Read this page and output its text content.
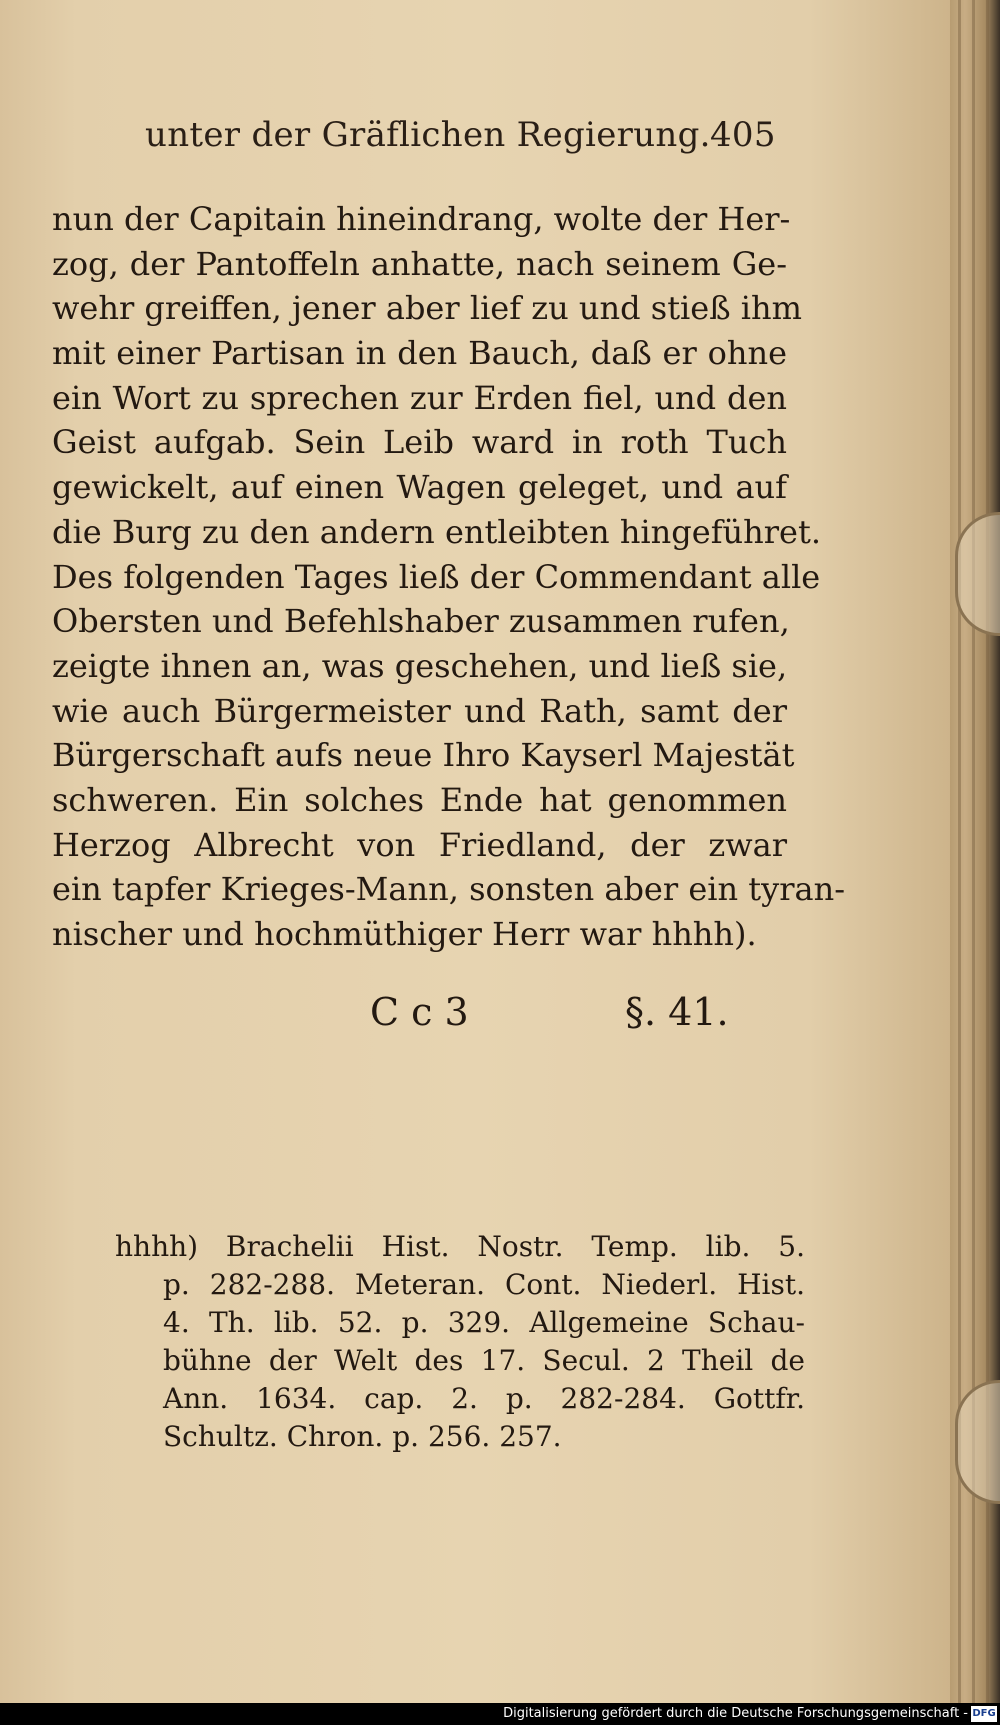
unter der Gräflichen Regierung. 405
nun der Capitain hineindrang, wolte der Her-
zog, der Pantoffeln anhatte, nach seinem Ge-
wehr greiffen, jener aber lief zu und stieß ihm
mit einer Partisan in den Bauch, daß er ohne
ein Wort zu sprechen zur Erden fiel, und den
Geist aufgab. Sein Leib ward in roth Tuch
gewickelt, auf einen Wagen geleget, und auf
die Burg zu den andern entleibten hingeführet.
Des folgenden Tages ließ der Commendant alle
Obersten und Befehlshaber zusammen rufen,
zeigte ihnen an, was geschehen, und ließ sie,
wie auch Bürgermeister und Rath, samt der
Bürgerschaft aufs neue Ihro Kayserl Majestät
schweren. Ein solches Ende hat genommen
Herzog Albrecht von Friedland, der zwar
ein tapfer Krieges-Mann, sonsten aber ein tyran-
nischer und hochmüthiger Herr war hhhh).
C c 3	§. 41.
hhhh) Brachelii Hist. Nostr. Temp. lib. 5.
p. 282-288. Meteran. Cont. Niederl. Hist.
4. Th. lib. 52. p. 329. Allgemeine Schau-
bühne der Welt des 17. Secul. 2 Theil de
Ann. 1634. cap. 2. p. 282-284. Gottfr.
Schultz. Chron. p. 256. 257.
Digitalisierung gefördert durch die Deutsche Forschungsgemeinschaft - DFG
